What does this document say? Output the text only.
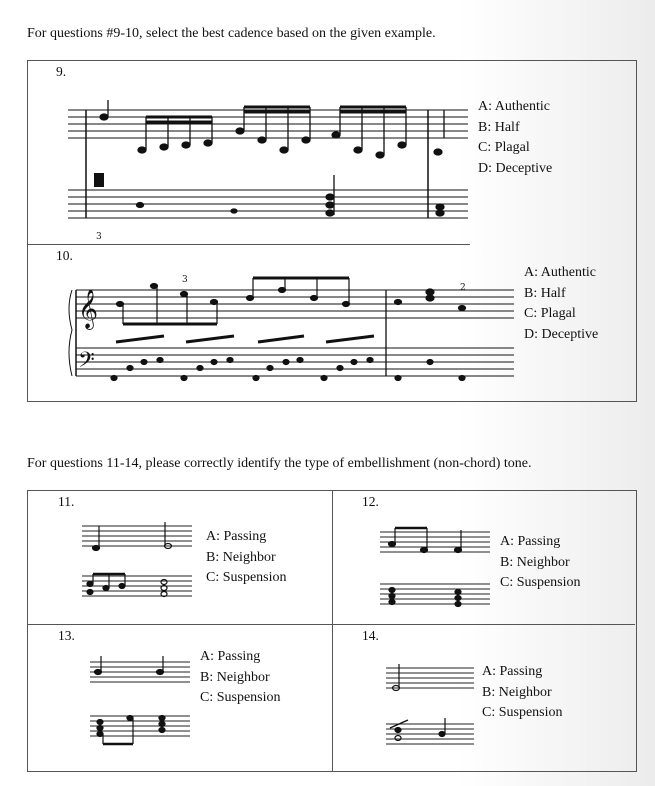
For questions #9-10, select the best cadence based on the given example.
9.
3
A: Authentic
B: Half
C: Plagal
D: Deceptive
10.
𝄞
𝄢
3
2
A: Authentic
B: Half
C: Plagal
D: Deceptive
For questions 11-14, please correctly identify the type of embellishment (non-chord) tone.
11.
A: Passing
B: Neighbor
C: Suspension
12.
A: Passing
B: Neighbor
C: Suspension
13.
A: Passing
B: Neighbor
C: Suspension
14.
A: Passing
B: Neighbor
C: Suspension
